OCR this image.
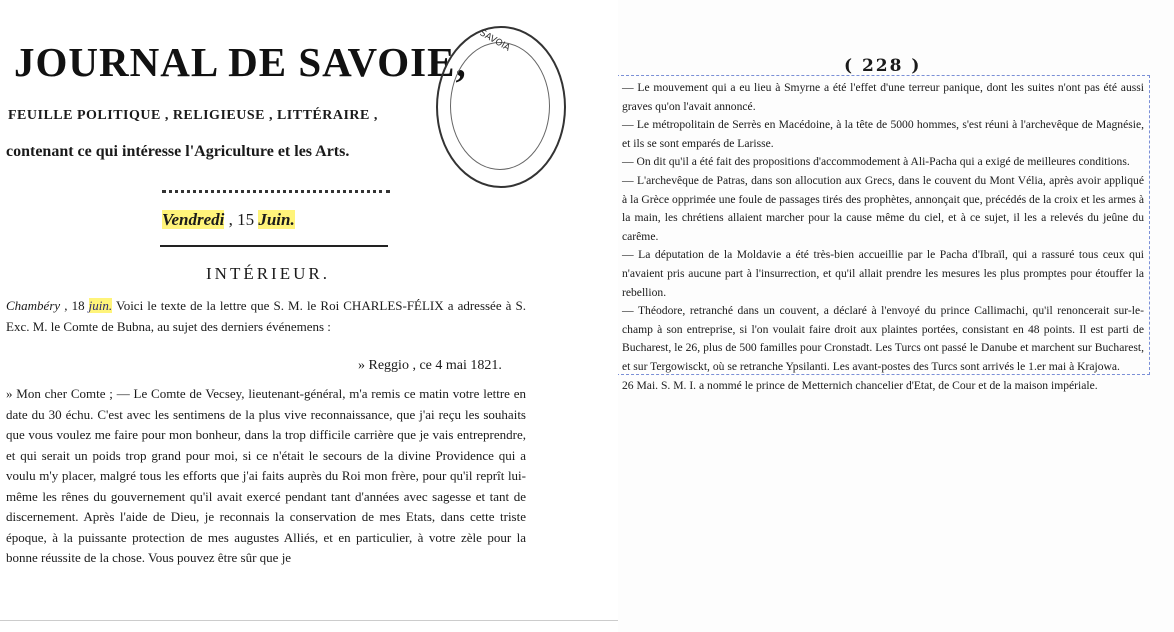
JOURNAL DE SAVOIE, SAVOIA
FEUILLE POLITIQUE , RELIGIEUSE , LITTÉRAIRE ,
contenant ce qui intéresse l'Agriculture et les Arts.
Vendredi , 15 Juin.
INTÉRIEUR.
Chambéry , 18 juin. Voici le texte de la lettre que S. M. le Roi CHARLES-FÉLIX a adressée à S. Exc. M. le Comte de Bubna, au sujet des derniers événemens :
» Reggio , ce 4 mai 1821.
» Mon cher Comte ; — Le Comte de Vecsey, lieutenant-général, m'a remis ce matin votre lettre en date du 30 échu. C'est avec les sentimens de la plus vive reconnaissance, que j'ai reçu les souhaits que vous voulez me faire pour mon bonheur, dans la trop difficile carrière que je vais entreprendre, et qui serait un poids trop grand pour moi, si ce n'était le secours de la divine Providence qui a voulu m'y placer, malgré tous les efforts que j'ai faits auprès du Roi mon frère, pour qu'il reprît lui-même les rênes du gouvernement qu'il avait exercé pendant tant d'années avec sagesse et tant de discernement. Après l'aide de Dieu, je reconnais la conservation de mes Etats, dans cette triste époque, à la puissante protection de mes augustes Alliés, et en particulier, à votre zèle pour la bonne réussite de la chose. Vous pouvez être sûr que je
( 228 )

— Le mouvement qui a eu lieu à Smyrne a été l'effet d'une terreur panique, dont les suites n'ont pas été aussi graves qu'on l'avait annoncé.

— Le métropolitain de Serrès en Macédoine, à la tête de 5000 hommes, s'est réuni à l'archevêque de Magnésie, et ils se sont emparés de Larisse.

— On dit qu'il a été fait des propositions d'accommodement à Ali-Pacha qui a exigé de meilleures conditions.

— L'archevêque de Patras, dans son allocution aux Grecs, dans le couvent du Mont Vélia, après avoir appliqué à la Grèce opprimée une foule de passages tirés des prophètes, annonçait que, précédés de la croix et les armes à la main, les chrétiens allaient marcher pour la cause même du ciel, et à ce sujet, il les a relevés du jeûne du carême.

— La députation de la Moldavie a été très-bien accueillie par le Pacha d'Ibraïl, qui a rassuré tous ceux qui n'avaient pris aucune part à l'insurrection, et qu'il allait prendre les mesures les plus promptes pour étouffer la rebellion.

— Théodore, retranché dans un couvent, a déclaré à l'envoyé du prince Callimachi, qu'il renoncerait sur-le-champ à son entreprise, si l'on voulait faire droit aux plaintes portées, consistant en 48 points. Il est parti de Bucharest, le 26, plus de 500 familles pour Cronstadt. Les Turcs ont passé le Danube et marchent sur Bucharest, et sur Tergowisckt, où se retranche Ypsilanti. Les avant-postes des Turcs sont arrivés le 1.er mai à Krajowa.

26 Mai. S. M. I. a nommé le prince de Metternich chancelier d'Etat, de Cour et de la maison impériale.
